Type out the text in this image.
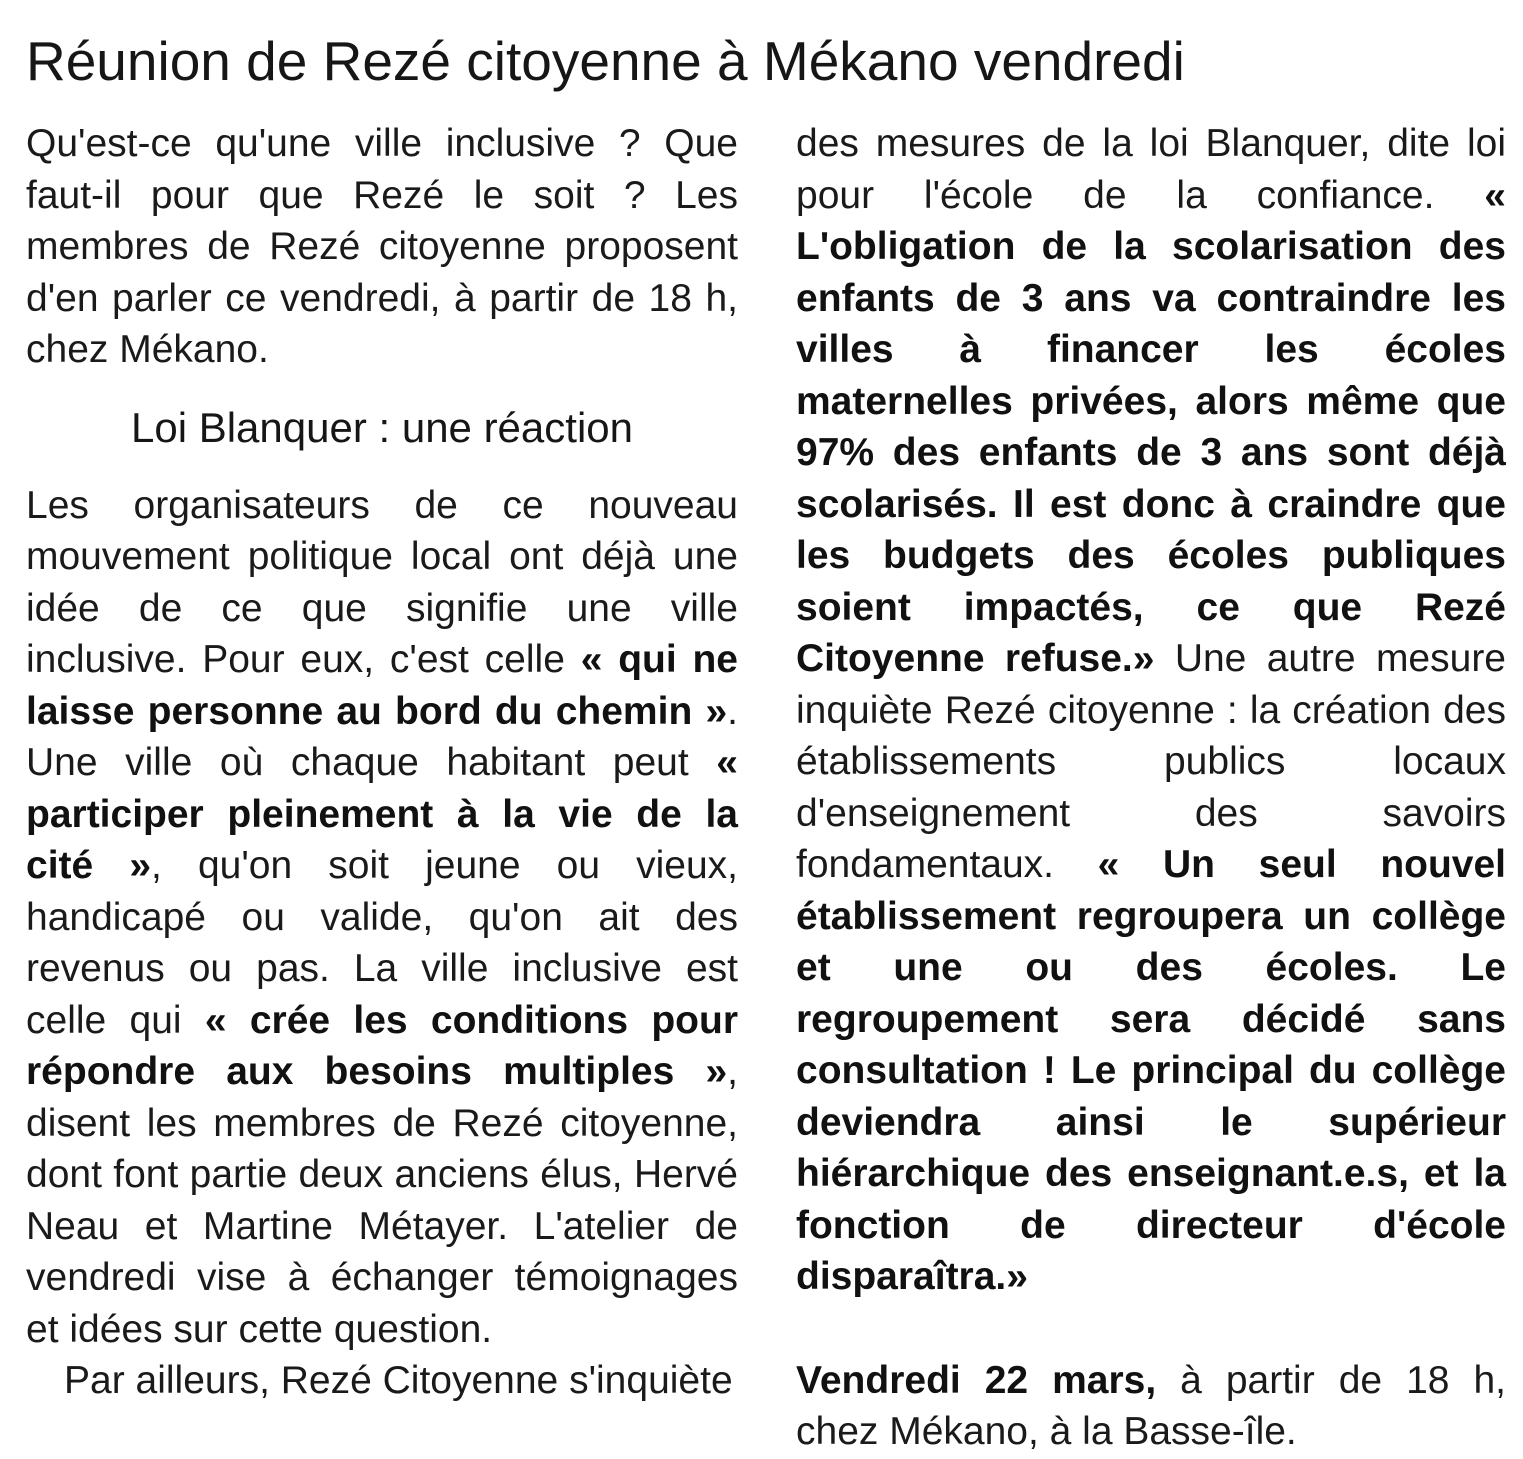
Réunion de Rezé citoyenne à Mékano vendredi

Qu'est-ce qu'une ville inclusive ? Que faut-il pour que Rezé le soit ? Les membres de Rezé citoyenne proposent d'en parler ce vendredi, à partir de 18 h, chez Mékano.

Loi Blanquer : une réaction

Les organisateurs de ce nouveau mouvement politique local ont déjà une idée de ce que signifie une ville inclusive. Pour eux, c'est celle « qui ne laisse personne au bord du chemin ». Une ville où chaque habitant peut « participer pleinement à la vie de la cité », qu'on soit jeune ou vieux, handicapé ou valide, qu'on ait des revenus ou pas. La ville inclusive est celle qui « crée les conditions pour répondre aux besoins multiples », disent les membres de Rezé citoyenne, dont font partie deux anciens élus, Hervé Neau et Martine Métayer. L'atelier de vendredi vise à échanger témoignages et idées sur cette question.

Par ailleurs, Rezé Citoyenne s'inquiète

des mesures de la loi Blanquer, dite loi pour l'école de la confiance. « L'obligation de la scolarisation des enfants de 3 ans va contraindre les villes à financer les écoles maternelles privées, alors même que 97% des enfants de 3 ans sont déjà scolarisés. Il est donc à craindre que les budgets des écoles publiques soient impactés, ce que Rezé Citoyenne refuse.» Une autre mesure inquiète Rezé citoyenne : la création des établissements publics locaux d'enseignement des savoirs fondamentaux. « Un seul nouvel établissement regroupera un collège et une ou des écoles. Le regroupement sera décidé sans consultation ! Le principal du collège deviendra ainsi le supérieur hiérarchique des enseignant.e.s, et la fonction de directeur d'école disparaîtra.»

Vendredi 22 mars, à partir de 18 h, chez Mékano, à la Basse-île.
